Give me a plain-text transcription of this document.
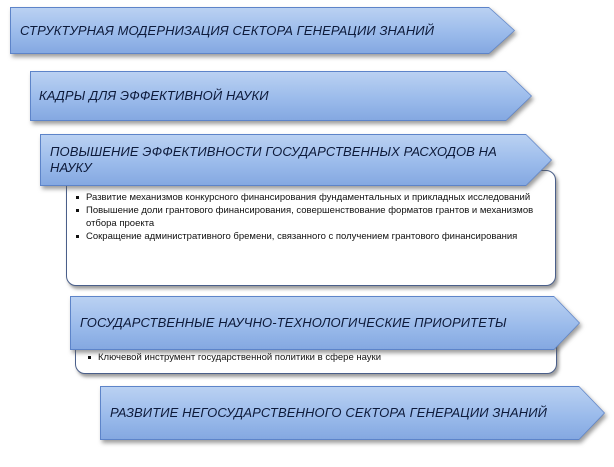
СТРУКТУРНАЯ МОДЕРНИЗАЦИЯ СЕКТОРА ГЕНЕРАЦИИ ЗНАНИЙ
КАДРЫ ДЛЯ ЭФФЕКТИВНОЙ НАУКИ
Развитие механизмов конкурсного финансирования фундаментальных и прикладных исследований
Повышение доли грантового финансирования, совершенствование форматов грантов и механизмов отбора проекта
Сокращение административного бремени, связанного с получением грантового финансирования
ПОВЫШЕНИЕ ЭФФЕКТИВНОСТИ ГОСУДАРСТВЕННЫХ РАСХОДОВ НА НАУКУ
Ключевой инструмент государственной политики в сфере науки
ГОСУДАРСТВЕННЫЕ НАУЧНО-ТЕХНОЛОГИЧЕСКИЕ ПРИОРИТЕТЫ
РАЗВИТИЕ НЕГОСУДАРСТВЕННОГО СЕКТОРА ГЕНЕРАЦИИ ЗНАНИЙ
